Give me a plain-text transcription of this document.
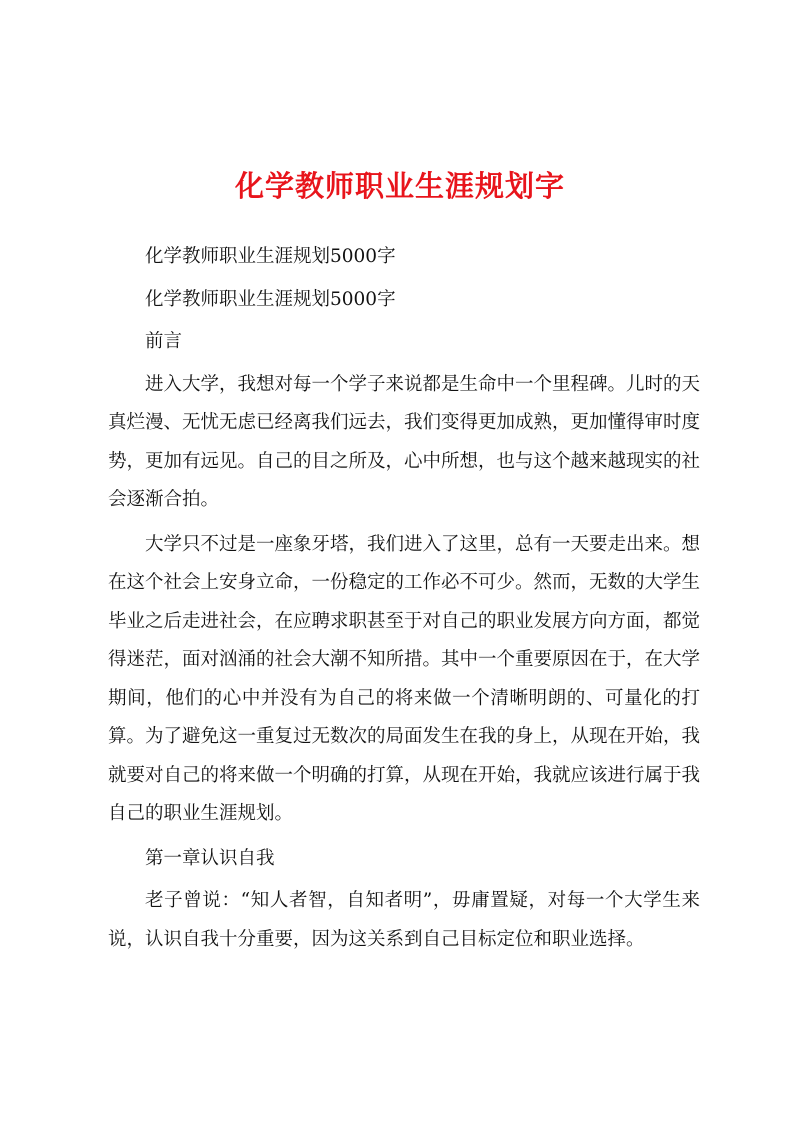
化学教师职业生涯规划字

化学教师职业生涯规划5000字

化学教师职业生涯规划5000字

前言

进入大学，我想对每一个学子来说都是生命中一个里程碑。儿时的天真烂漫、无忧无虑已经离我们远去，我们变得更加成熟，更加懂得审时度势，更加有远见。自己的目之所及，心中所想，也与这个越来越现实的社会逐渐合拍。

大学只不过是一座象牙塔，我们进入了这里，总有一天要走出来。想在这个社会上安身立命，一份稳定的工作必不可少。然而，无数的大学生毕业之后走进社会，在应聘求职甚至于对自己的职业发展方向方面，都觉得迷茫，面对汹涌的社会大潮不知所措。其中一个重要原因在于，在大学期间，他们的心中并没有为自己的将来做一个清晰明朗的、可量化的打算。为了避免这一重复过无数次的局面发生在我的身上，从现在开始，我就要对自己的将来做一个明确的打算，从现在开始，我就应该进行属于我自己的职业生涯规划。

第一章认识自我

老子曾说：“知人者智，自知者明”，毋庸置疑，对每一个大学生来说，认识自我十分重要，因为这关系到自己目标定位和职业选择。
